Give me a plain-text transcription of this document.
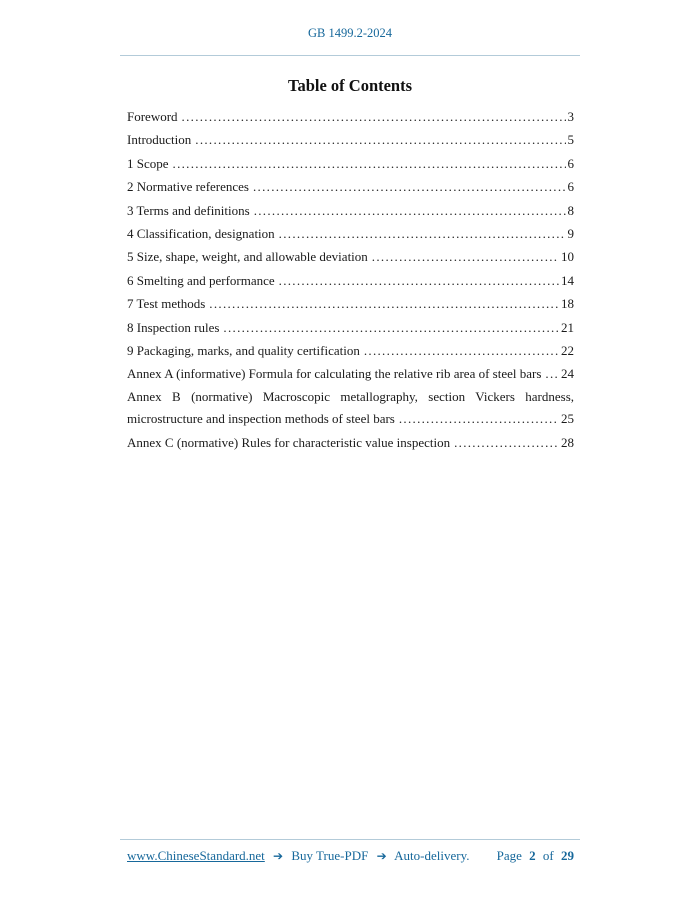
GB 1499.2-2024
Table of Contents
Foreword .....	3
Introduction .....	5
1 Scope .....	6
2 Normative references .....	6
3 Terms and definitions .....	8
4 Classification, designation .....	9
5 Size, shape, weight, and allowable deviation .....	10
6 Smelting and performance .....	14
7 Test methods .....	18
8 Inspection rules .....	21
9 Packaging, marks, and quality certification .....	22
Annex A (informative) Formula for calculating the relative rib area of steel bars ..... 24
Annex B (normative) Macroscopic metallography, section Vickers hardness,
microstructure and inspection methods of steel bars .....	25
Annex C (normative) Rules for characteristic value inspection .....	28
www.ChineseStandard.net ➔ Buy True-PDF ➔ Auto-delivery.	Page 2 of 29
